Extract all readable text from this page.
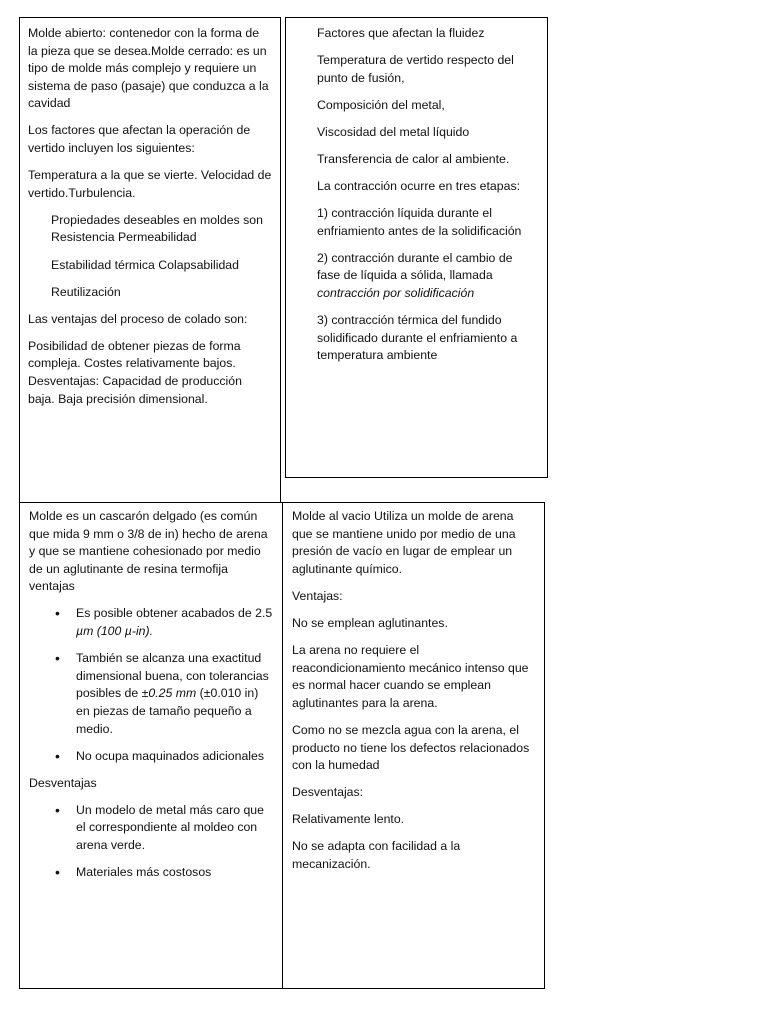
Molde abierto: contenedor con la forma de la pieza que se desea.Molde cerrado: es un tipo de molde más complejo y requiere un sistema de paso (pasaje) que conduzca a la cavidad

Los factores que afectan la operación de vertido incluyen los siguientes:

Temperatura a la que se vierte. Velocidad de vertido.Turbulencia.

Propiedades deseables en moldes son Resistencia Permeabilidad

Estabilidad térmica Colapsabilidad

Reutilización

Las ventajas del proceso de colado son:

Posibilidad de obtener piezas de forma compleja. Costes relativamente bajos. Desventajas: Capacidad de producción baja. Baja precisión dimensional.

Factores que afectan la fluidez

Temperatura de vertido respecto del punto de fusión,

Composición del metal,

Viscosidad del metal líquido

Transferencia de calor al ambiente.

La contracción ocurre en tres etapas:

1) contracción líquida durante el enfriamiento antes de la solidificación

2) contracción durante el cambio de fase de líquida a sólida, llamada contracción por solidificación

3) contracción térmica del fundido solidificado durante el enfriamiento a temperatura ambiente

Molde es un cascarón delgado (es común que mida 9 mm o 3/8 de in) hecho de arena y que se mantiene cohesionado por medio de un aglutinante de resina termofija ventajas

• Es posible obtener acabados de 2.5 µm (100 µ-in).
• También se alcanza una exactitud dimensional buena, con tolerancias posibles de ±0.25 mm (±0.010 in) en piezas de tamaño pequeño a medio.
• No ocupa maquinados adicionales

Desventajas

• Un modelo de metal más caro que el correspondiente al moldeo con arena verde.
• Materiales más costosos

Molde al vacio Utiliza un molde de arena que se mantiene unido por medio de una presión de vacío en lugar de emplear un aglutinante químico.

Ventajas:

No se emplean aglutinantes.

La arena no requiere el reacondicionamiento mecánico intenso que es normal hacer cuando se emplean aglutinantes para la arena.

Como no se mezcla agua con la arena, el producto no tiene los defectos relacionados con la humedad

Desventajas:

Relativamente lento.

No se adapta con facilidad a la mecanización.
